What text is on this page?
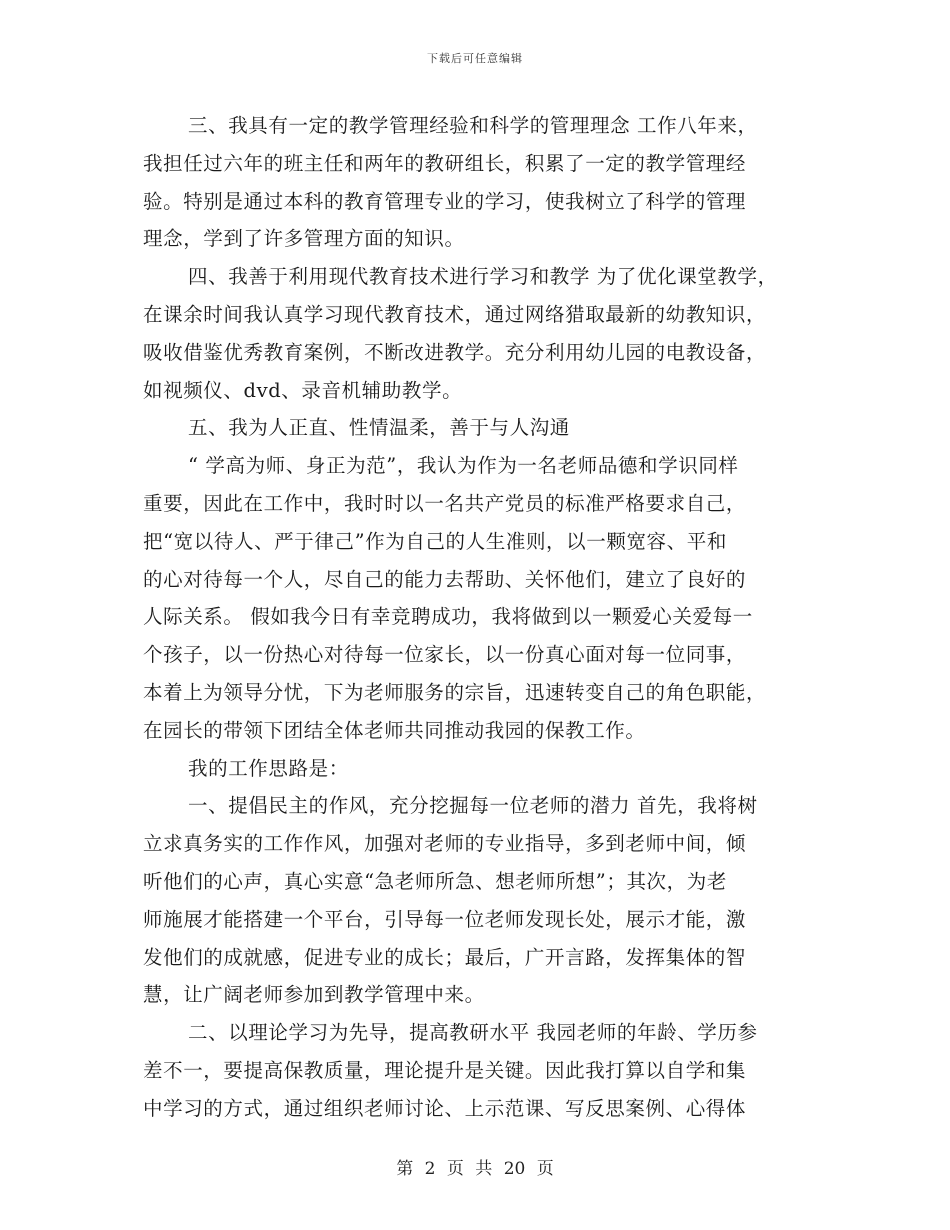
下载后可任意编辑
三、我具有一定的教学管理经验和科学的管理理念 工作八年来，
我担任过六年的班主任和两年的教研组长，积累了一定的教学管理经
验。特别是通过本科的教育管理专业的学习，使我树立了科学的管理
理念，学到了许多管理方面的知识。
四、我善于利用现代教育技术进行学习和教学 为了优化课堂教学，
在课余时间我认真学习现代教育技术，通过网络猎取最新的幼教知识，
吸收借鉴优秀教育案例，不断改进教学。充分利用幼儿园的电教设备，
如视频仪、dvd、录音机辅助教学。
五、我为人正直、性情温柔，善于与人沟通
“ 学高为师、身正为范”，我认为作为一名老师品德和学识同样
重要，因此在工作中，我时时以一名共产党员的标准严格要求自己，
把“宽以待人、严于律己”作为自己的人生准则，以一颗宽容、平和
的心对待每一个人，尽自己的能力去帮助、关怀他们，建立了良好的
人际关系。 假如我今日有幸竞聘成功，我将做到以一颗爱心关爱每一
个孩子，以一份热心对待每一位家长，以一份真心面对每一位同事，
本着上为领导分忧，下为老师服务的宗旨，迅速转变自己的角色职能，
在园长的带领下团结全体老师共同推动我园的保教工作。
我的工作思路是：
一、提倡民主的作风，充分挖掘每一位老师的潜力 首先，我将树
立求真务实的工作作风，加强对老师的专业指导，多到老师中间，倾
听他们的心声，真心实意“急老师所急、想老师所想”；其次，为老
师施展才能搭建一个平台，引导每一位老师发现长处，展示才能，激
发他们的成就感，促进专业的成长；最后，广开言路，发挥集体的智
慧，让广阔老师参加到教学管理中来。
二、以理论学习为先导，提高教研水平 我园老师的年龄、学历参
差不一，要提高保教质量，理论提升是关键。因此我打算以自学和集
中学习的方式，通过组织老师讨论、上示范课、写反思案例、心得体
第 2 页 共 20 页
